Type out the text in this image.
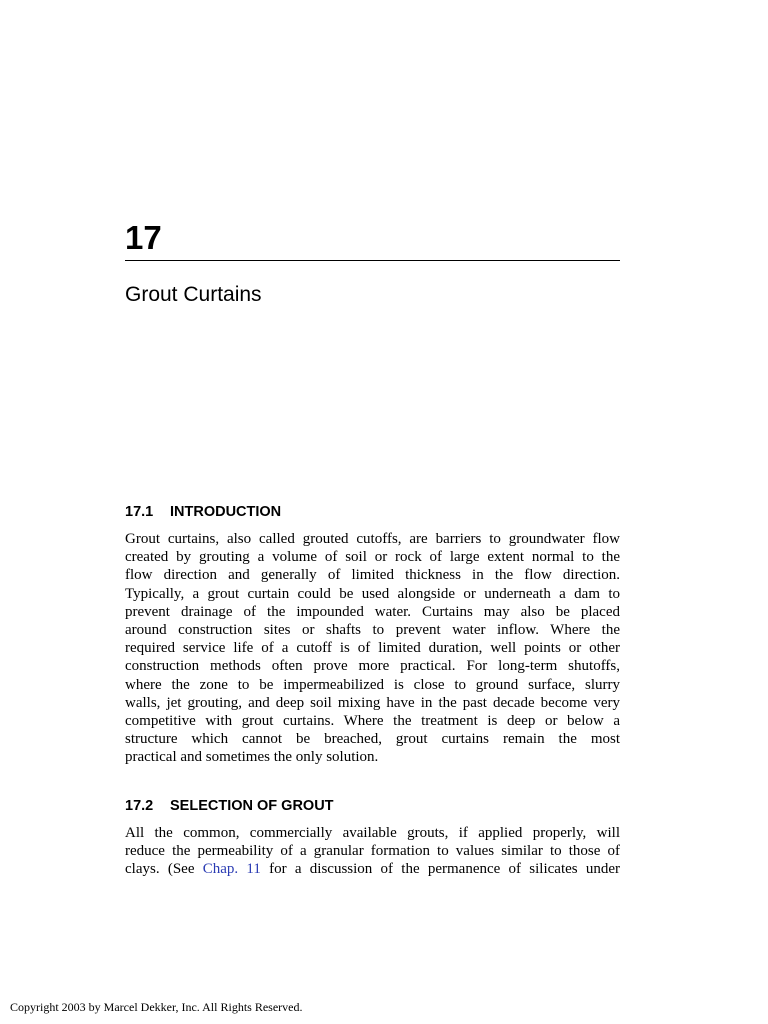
17
Grout Curtains
17.1 INTRODUCTION
Grout curtains, also called grouted cutoffs, are barriers to groundwater flow
created by grouting a volume of soil or rock of large extent normal to the
flow direction and generally of limited thickness in the flow direction.
Typically, a grout curtain could be used alongside or underneath a dam to
prevent drainage of the impounded water. Curtains may also be placed
around construction sites or shafts to prevent water inflow. Where the
required service life of a cutoff is of limited duration, well points or other
construction methods often prove more practical. For long-term shutoffs,
where the zone to be impermeabilized is close to ground surface, slurry
walls, jet grouting, and deep soil mixing have in the past decade become very
competitive with grout curtains. Where the treatment is deep or below a
structure which cannot be breached, grout curtains remain the most
practical and sometimes the only solution.
17.2 SELECTION OF GROUT
All the common, commercially available grouts, if applied properly, will
reduce the permeability of a granular formation to values similar to those of
clays. (See Chap. 11 for a discussion of the permanence of silicates under

Copyright 2003 by Marcel Dekker, Inc. All Rights Reserved.
